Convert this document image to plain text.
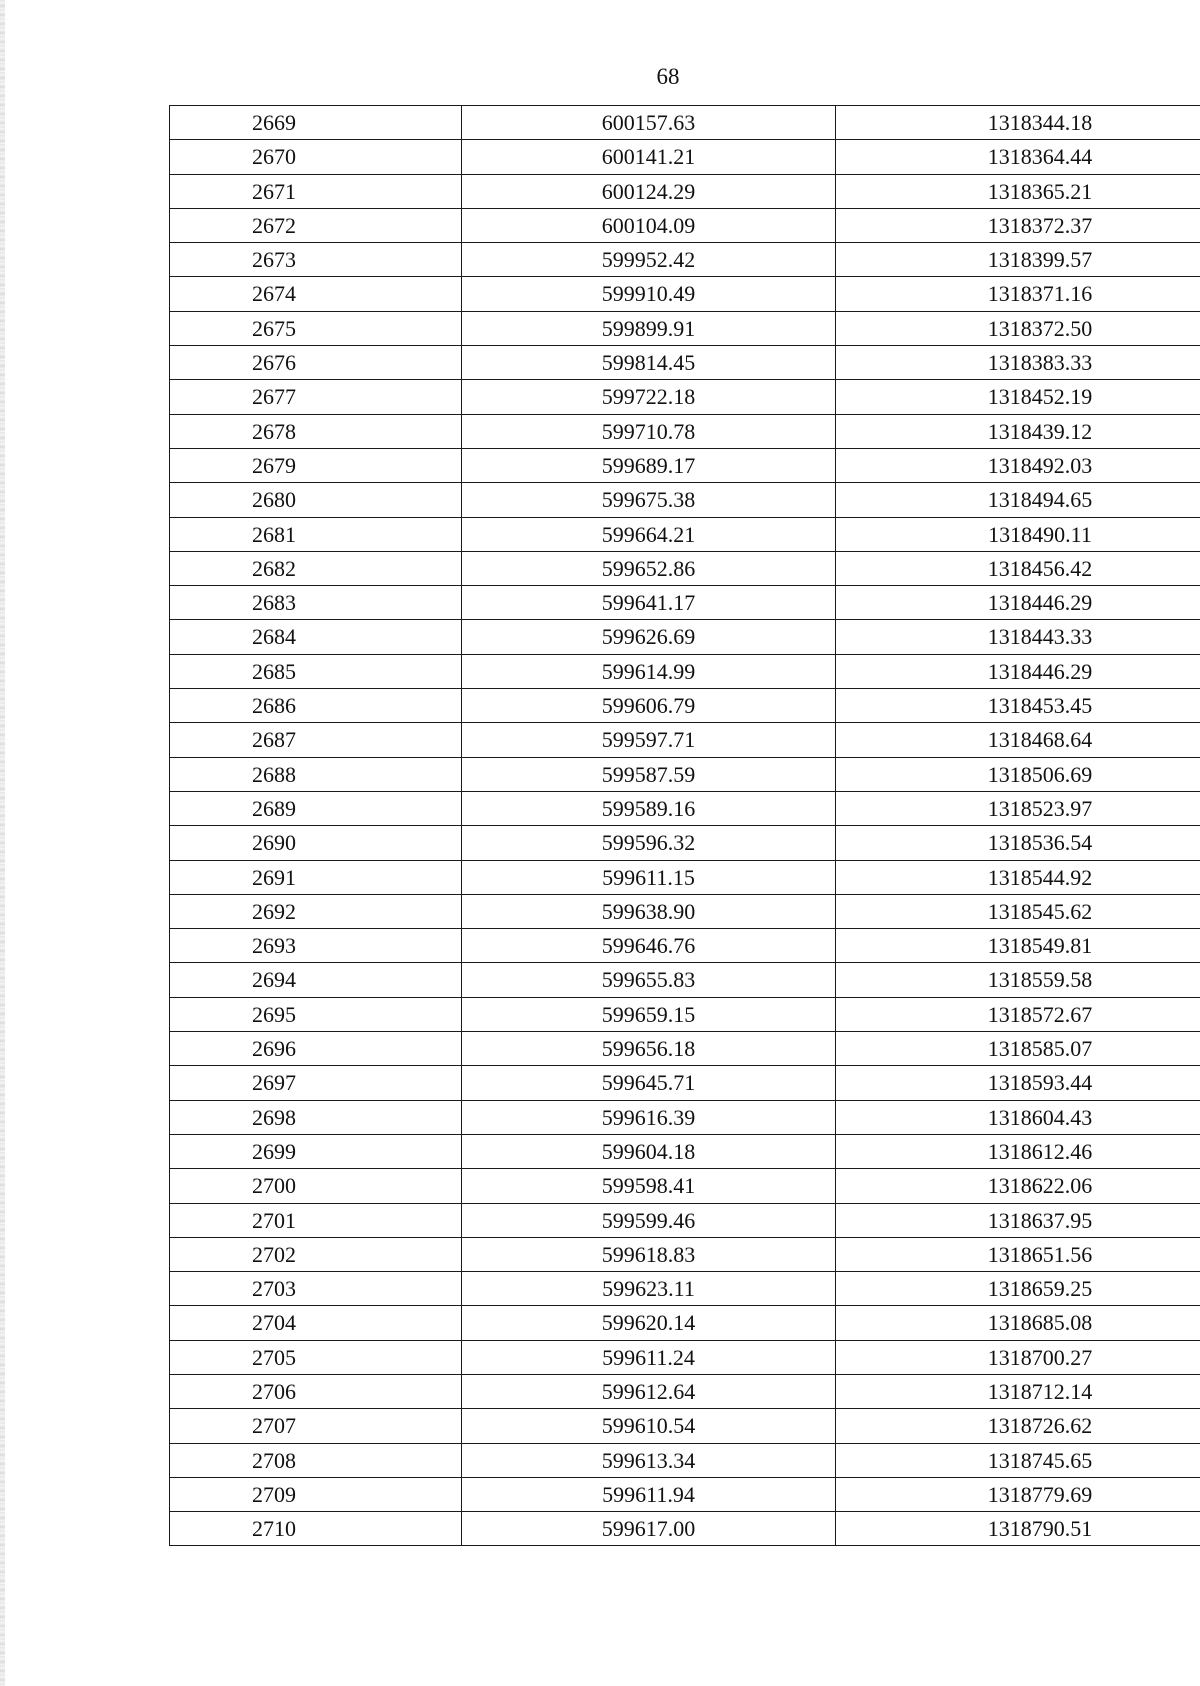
68
2669	600157.63	1318344.18
2670	600141.21	1318364.44
2671	600124.29	1318365.21
2672	600104.09	1318372.37
2673	599952.42	1318399.57
2674	599910.49	1318371.16
2675	599899.91	1318372.50
2676	599814.45	1318383.33
2677	599722.18	1318452.19
2678	599710.78	1318439.12
2679	599689.17	1318492.03
2680	599675.38	1318494.65
2681	599664.21	1318490.11
2682	599652.86	1318456.42
2683	599641.17	1318446.29
2684	599626.69	1318443.33
2685	599614.99	1318446.29
2686	599606.79	1318453.45
2687	599597.71	1318468.64
2688	599587.59	1318506.69
2689	599589.16	1318523.97
2690	599596.32	1318536.54
2691	599611.15	1318544.92
2692	599638.90	1318545.62
2693	599646.76	1318549.81
2694	599655.83	1318559.58
2695	599659.15	1318572.67
2696	599656.18	1318585.07
2697	599645.71	1318593.44
2698	599616.39	1318604.43
2699	599604.18	1318612.46
2700	599598.41	1318622.06
2701	599599.46	1318637.95
2702	599618.83	1318651.56
2703	599623.11	1318659.25
2704	599620.14	1318685.08
2705	599611.24	1318700.27
2706	599612.64	1318712.14
2707	599610.54	1318726.62
2708	599613.34	1318745.65
2709	599611.94	1318779.69
2710	599617.00	1318790.51
